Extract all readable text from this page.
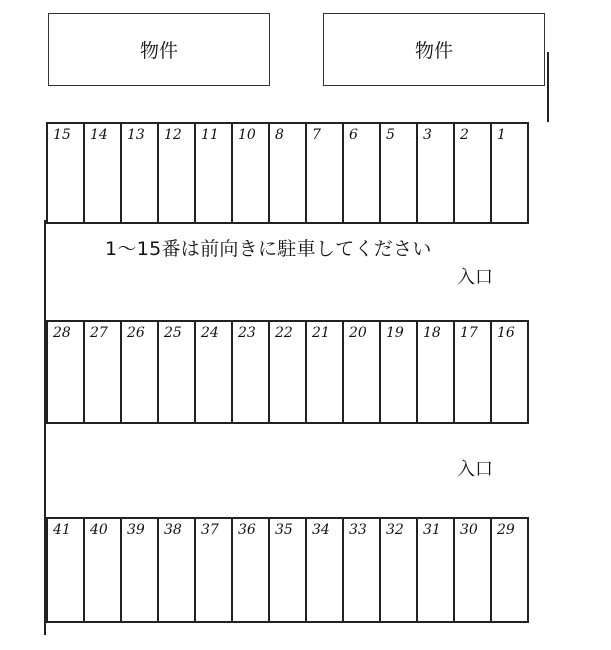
物件	物件
15 14 13 12 11 10 8 7 6 5 3 2 1
1～15番は前向きに駐車してください
入口
28 27 26 25 24 23 22 21 20 19 18 17 16
入口
41 40 39 38 37 36 35 34 33 32 31 30 29
